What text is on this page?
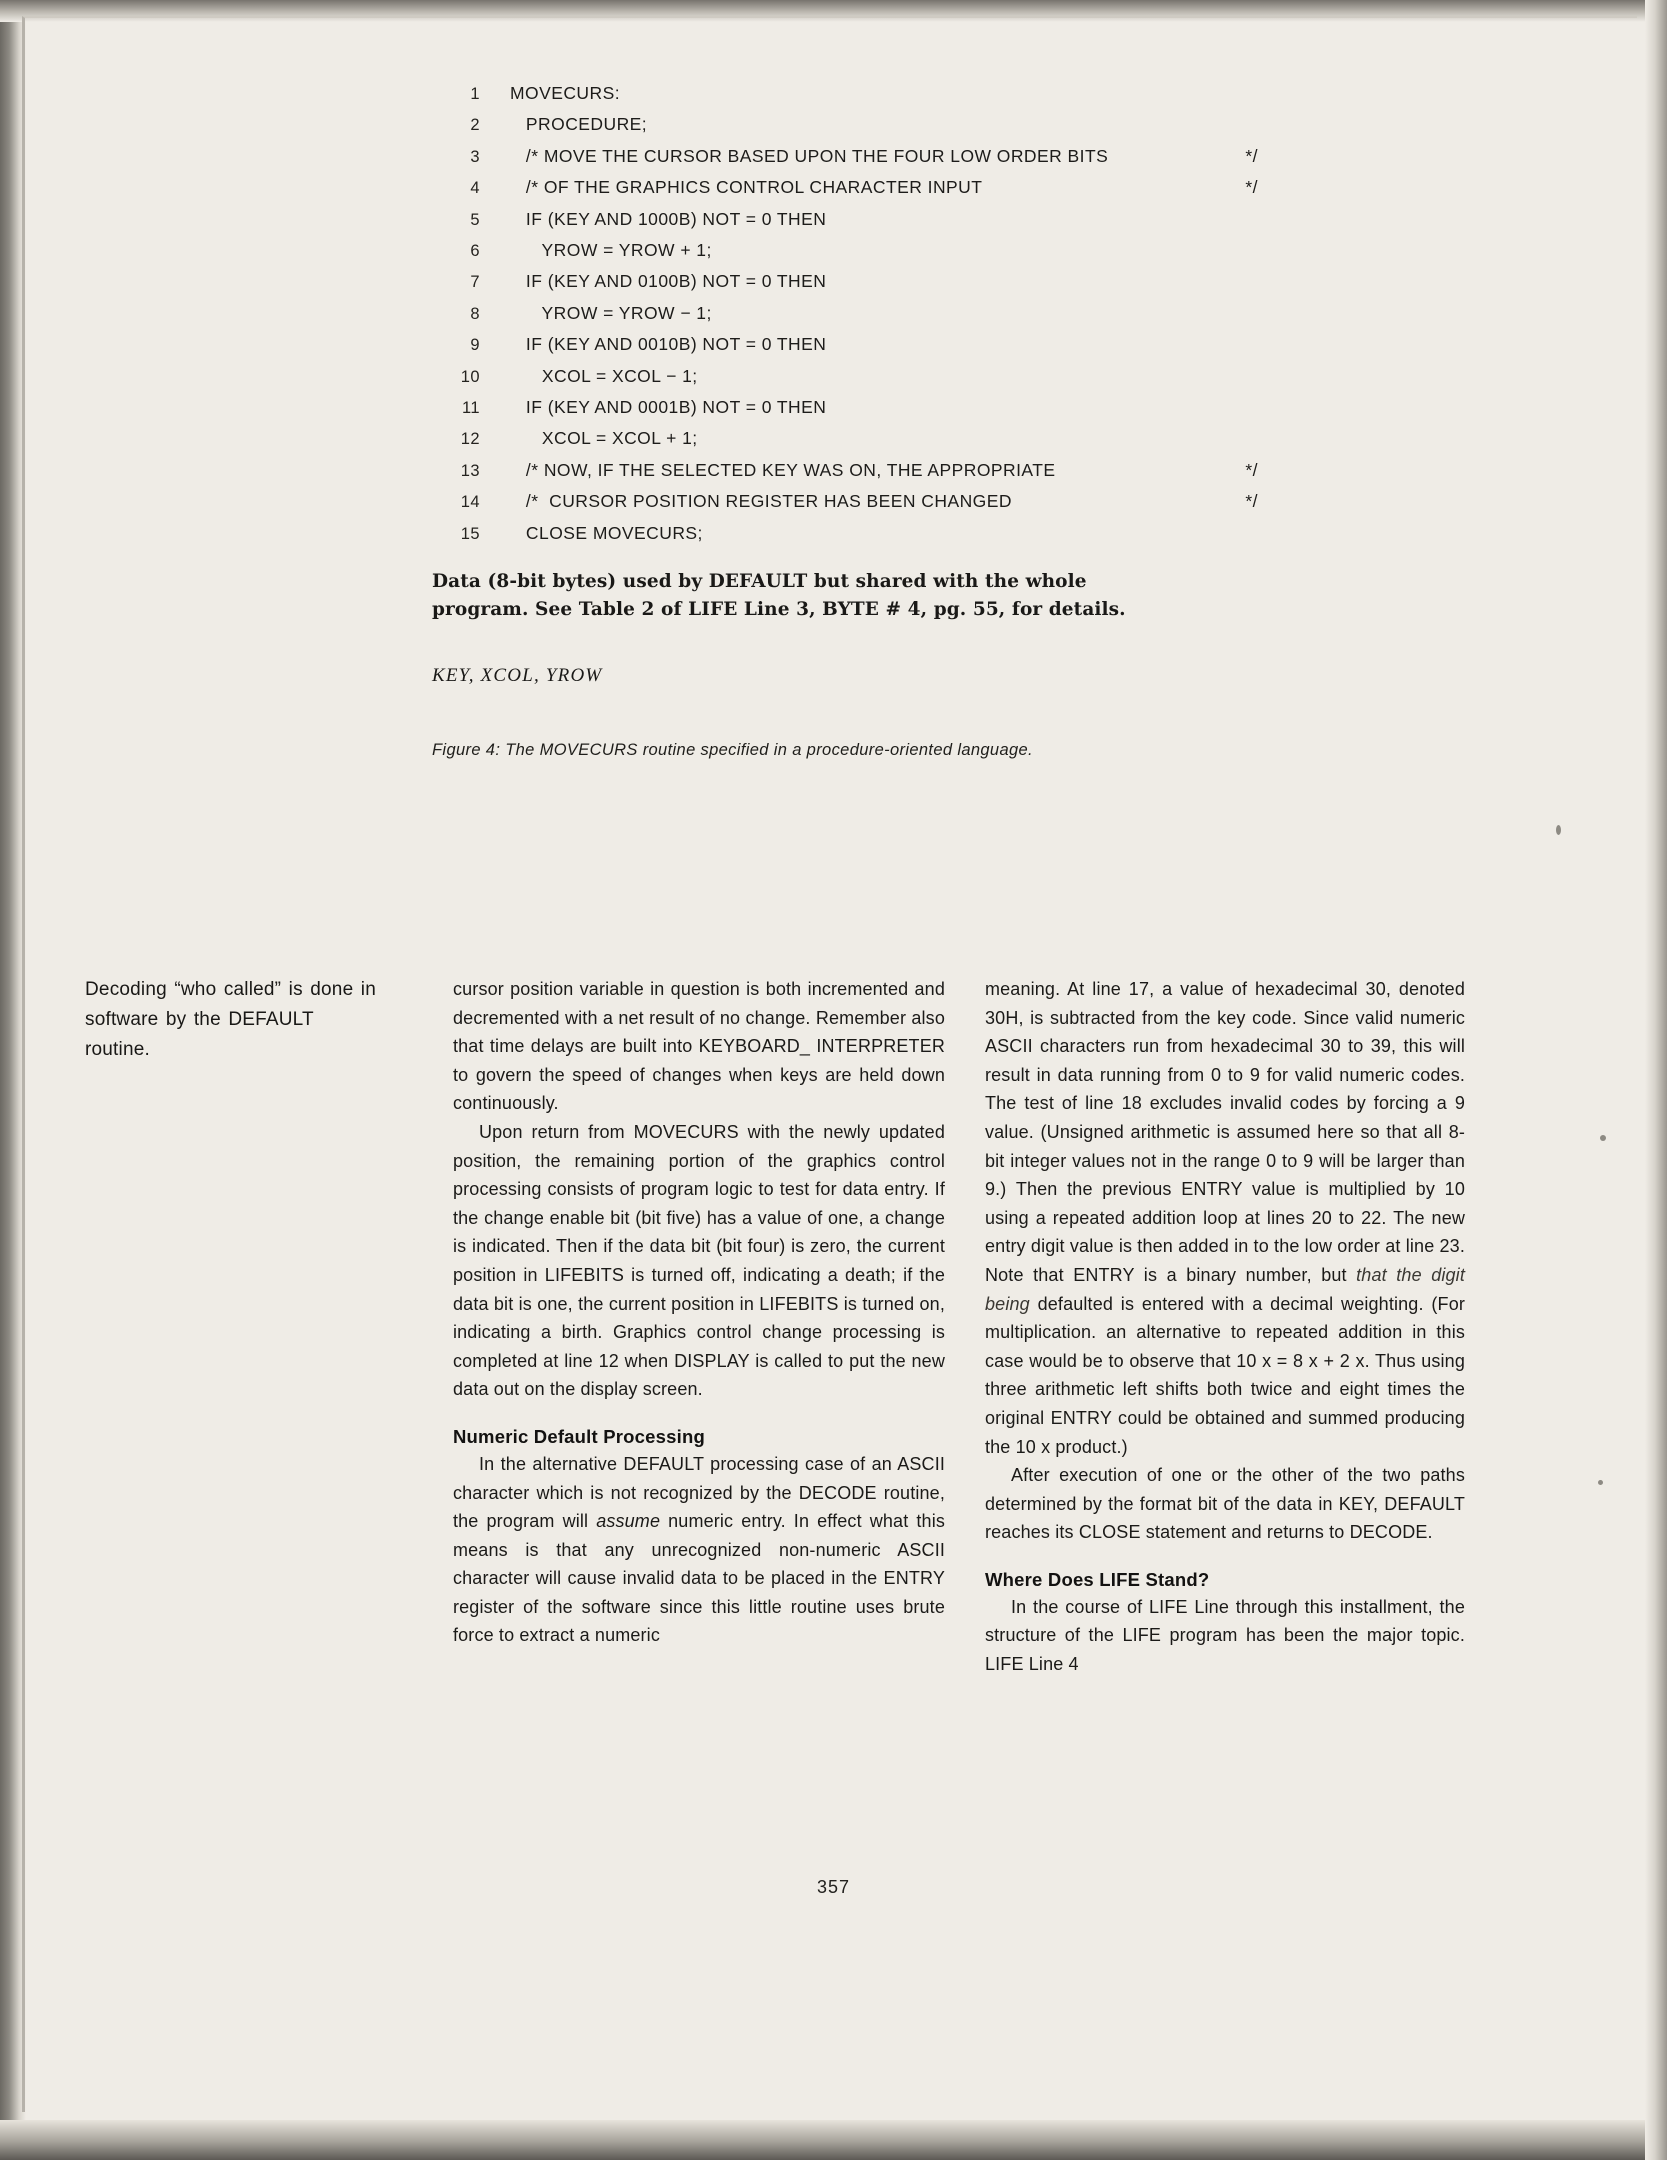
1 MOVECURS:
2 PROCEDURE;
3 /* MOVE THE CURSOR BASED UPON THE FOUR LOW ORDER BITS	*/
4 /* OF THE GRAPHICS CONTROL CHARACTER INPUT	*/
5 IF (KEY AND 1000B) NOT = 0 THEN
6 YROW = YROW + 1;
7 IF (KEY AND 0100B) NOT = 0 THEN
8 YROW = YROW − 1;
9 IF (KEY AND 0010B) NOT = 0 THEN
10 XCOL = XCOL − 1;
11 IF (KEY AND 0001B) NOT = 0 THEN
12 XCOL = XCOL + 1;
13 /* NOW, IF THE SELECTED KEY WAS ON, THE APPROPRIATE	*/
14 /*  CURSOR POSITION REGISTER HAS BEEN CHANGED	*/
15 CLOSE MOVECURS;
Data (8-bit bytes) used by DEFAULT but shared with the whole program. See Table 2 of LIFE Line 3, BYTE # 4, pg. 55, for details.
KEY, XCOL, YROW
Figure 4: The MOVECURS routine specified in a procedure-oriented language.
Decoding “who called” is done in software by the DEFAULT routine.

cursor position variable in question is both incremented and decremented with a net result of no change. Remember also that time delays are built into KEYBOARD_ INTERPRETER to govern the speed of changes when keys are held down continuously.

Upon return from MOVECURS with the newly updated position, the remaining portion of the graphics control processing consists of program logic to test for data entry. If the change enable bit (bit five) has a value of one, a change is indicated. Then if the data bit (bit four) is zero, the current position in LIFEBITS is turned off, indicating a death; if the data bit is one, the current position in LIFEBITS is turned on, indicating a birth. Graphics control change processing is completed at line 12 when DISPLAY is called to put the new data out on the display screen.

Numeric Default Processing

In the alternative DEFAULT processing case of an ASCII character which is not recognized by the DECODE routine, the program will assume numeric entry. In effect what this means is that any unrecognized non-numeric ASCII character will cause invalid data to be placed in the ENTRY register of the software since this little routine uses brute force to extract a numeric

meaning. At line 17, a value of hexadecimal 30, denoted 30H, is subtracted from the key code. Since valid numeric ASCII characters run from hexadecimal 30 to 39, this will result in data running from 0 to 9 for valid numeric codes. The test of line 18 excludes invalid codes by forcing a 9 value. (Unsigned arithmetic is assumed here so that all 8-bit integer values not in the range 0 to 9 will be larger than 9.) Then the previous ENTRY value is multiplied by 10 using a repeated addition loop at lines 20 to 22. The new entry digit value is then added in to the low order at line 23. Note that ENTRY is a binary number, but that the digit being defaulted is entered with a decimal weighting. (For multiplication. an alternative to repeated addition in this case would be to observe that 10 x = 8 x + 2 x. Thus using three arithmetic left shifts both twice and eight times the original ENTRY could be obtained and summed producing the 10 x product.)

After execution of one or the other of the two paths determined by the format bit of the data in KEY, DEFAULT reaches its CLOSE statement and returns to DECODE.

Where Does LIFE Stand?

In the course of LIFE Line through this installment, the structure of the LIFE program has been the major topic. LIFE Line 4

357
